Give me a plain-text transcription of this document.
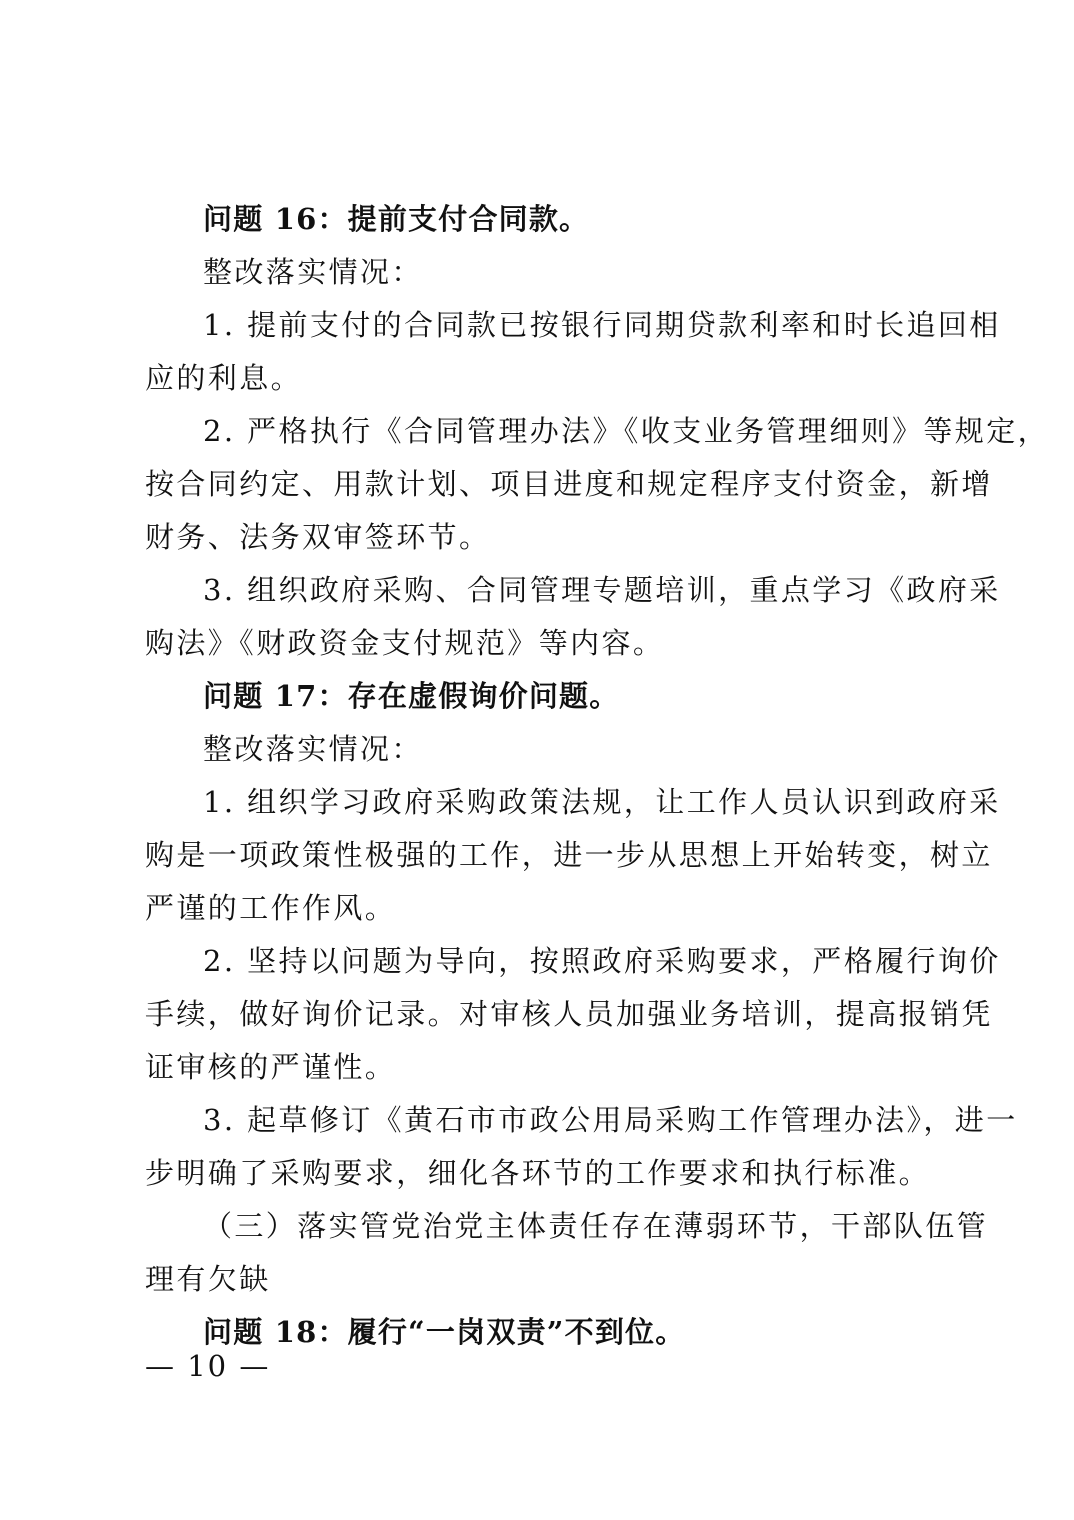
问题 16：提前支付合同款。
整改落实情况：
1. 提前支付的合同款已按银行同期贷款利率和时长追回相
应的利息。
2. 严格执行《合同管理办法》《收支业务管理细则》等规定，
按合同约定、用款计划、项目进度和规定程序支付资金，新增
财务、法务双审签环节。
3. 组织政府采购、合同管理专题培训，重点学习《政府采
购法》《财政资金支付规范》等内容。
问题 17：存在虚假询价问题。
整改落实情况：
1. 组织学习政府采购政策法规，让工作人员认识到政府采
购是一项政策性极强的工作，进一步从思想上开始转变，树立
严谨的工作作风。
2. 坚持以问题为导向，按照政府采购要求，严格履行询价
手续，做好询价记录。对审核人员加强业务培训，提高报销凭
证审核的严谨性。
3. 起草修订《黄石市市政公用局采购工作管理办法》，进一
步明确了采购要求，细化各环节的工作要求和执行标准。
（三）落实管党治党主体责任存在薄弱环节，干部队伍管
理有欠缺
问题 18：履行“一岗双责”不到位。
— 10 —
